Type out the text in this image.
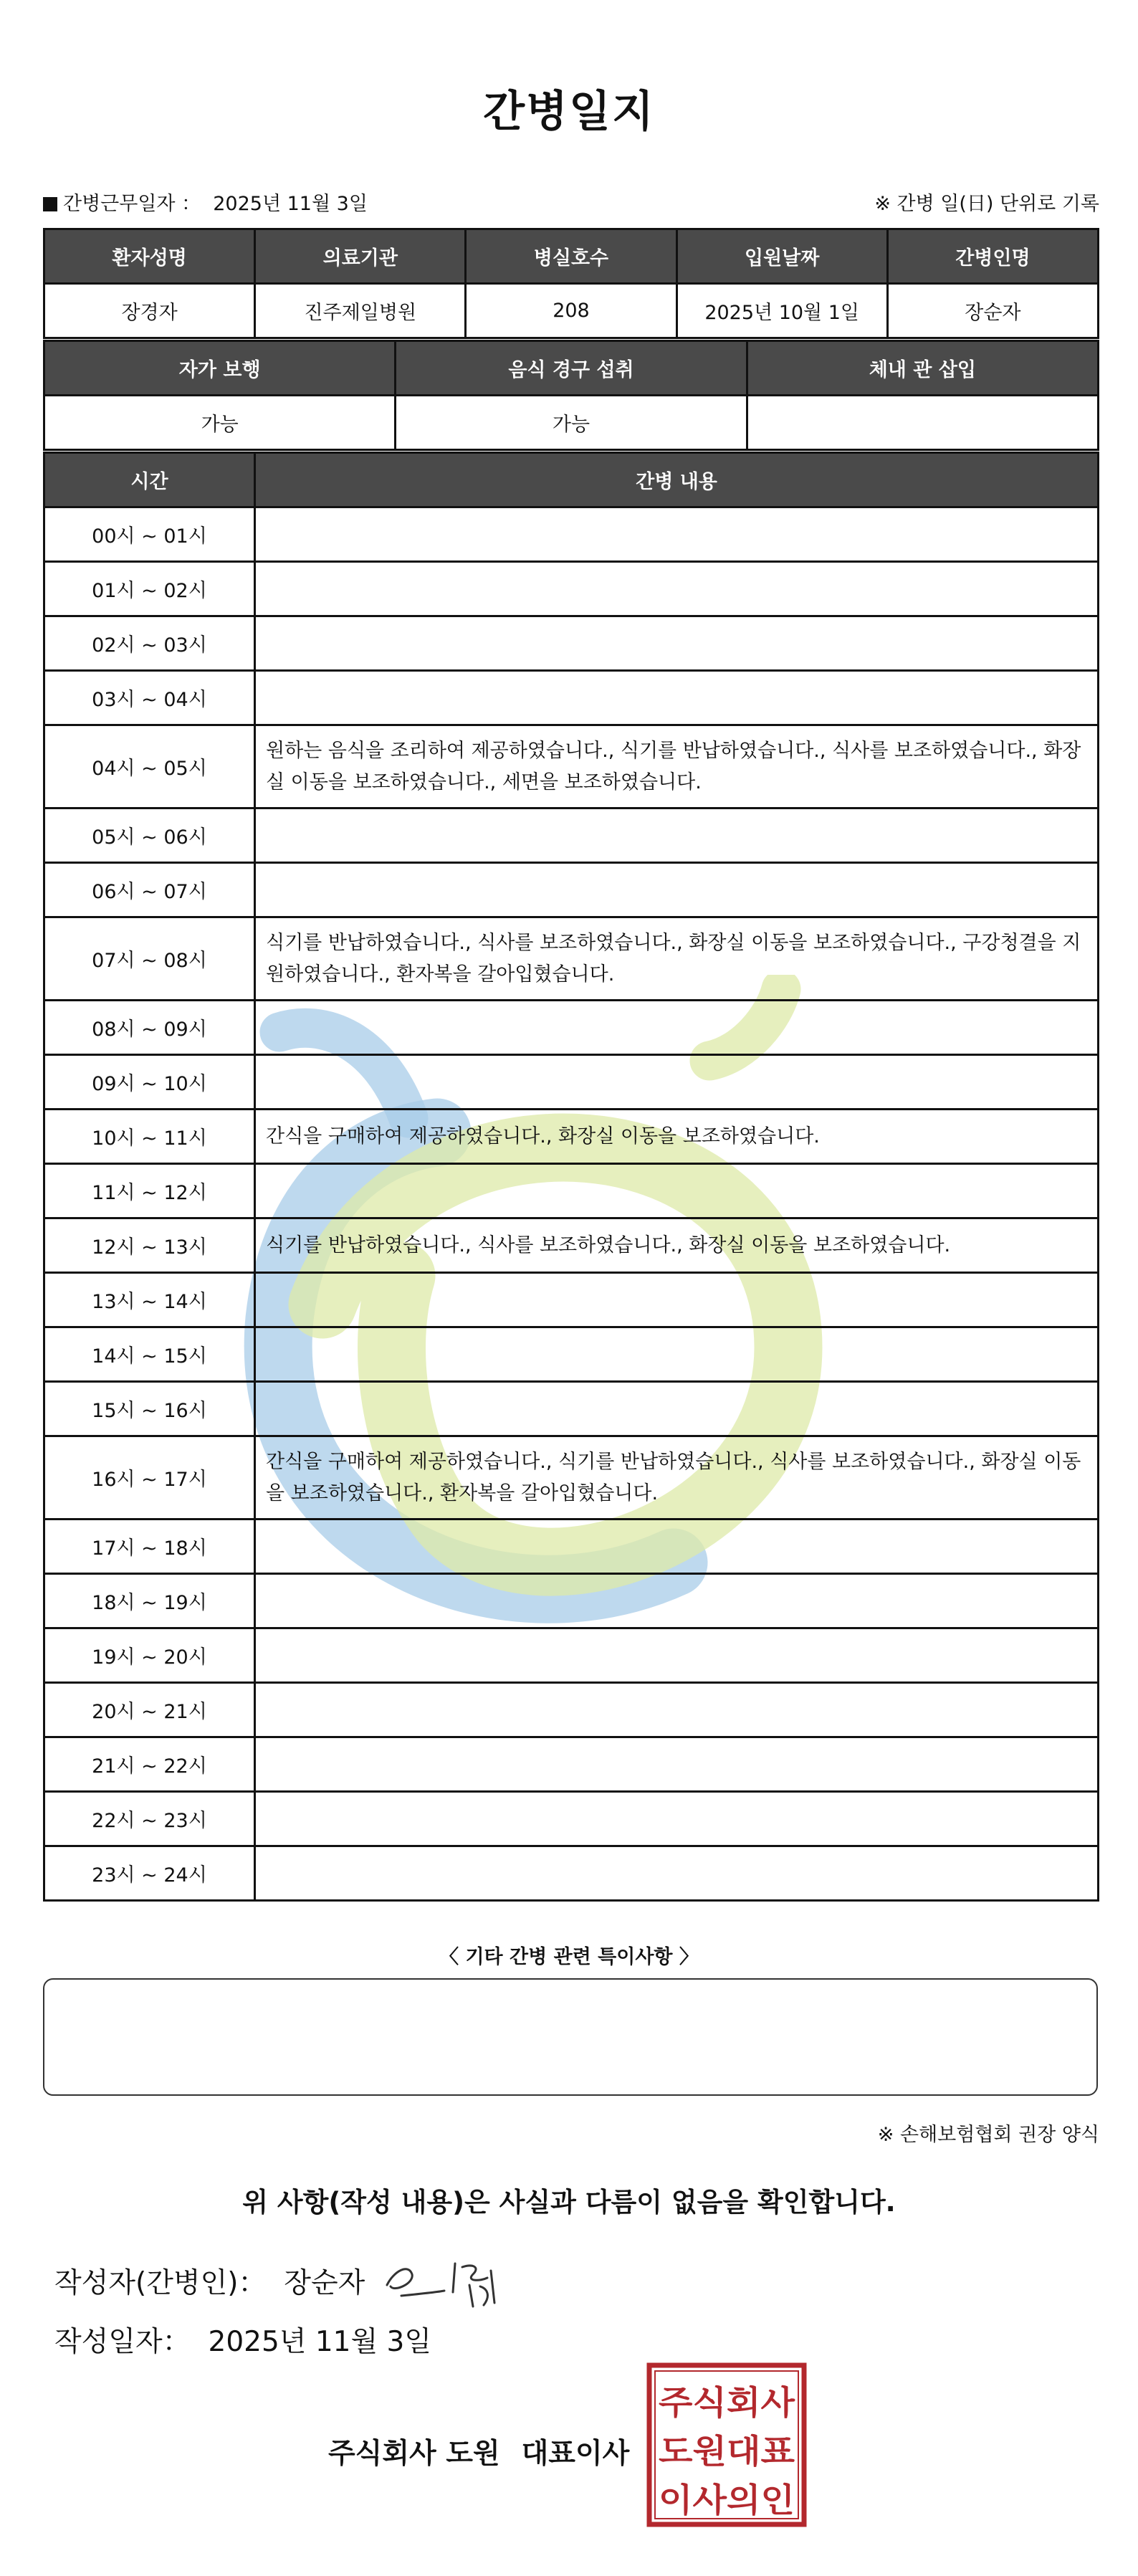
간병일지
간병근무일자 ： 2025년 11월 3일	※ 간병 일(日) 단위로 기록
환자성명	의료기관	병실호수	입원날짜	간병인명
장경자	진주제일병원	208	2025년 10월 1일	장순자
자가 보행	음식 경구 섭취	체내 관 삽입
가능	가능	
시간	간병 내용
00시 ~ 01시	
01시 ~ 02시	
02시 ~ 03시	
03시 ~ 04시	
04시 ~ 05시	원하는 음식을 조리하여 제공하였습니다., 식기를 반납하였습니다., 식사를 보조하였습니다., 화장실 이동을 보조하였습니다., 세면을 보조하였습니다.
05시 ~ 06시	
06시 ~ 07시	
07시 ~ 08시	식기를 반납하였습니다., 식사를 보조하였습니다., 화장실 이동을 보조하였습니다., 구강청결을 지원하였습니다., 환자복을 갈아입혔습니다.
08시 ~ 09시	
09시 ~ 10시	
10시 ~ 11시	간식을 구매하여 제공하였습니다., 화장실 이동을 보조하였습니다.
11시 ~ 12시	
12시 ~ 13시	식기를 반납하였습니다., 식사를 보조하였습니다., 화장실 이동을 보조하였습니다.
13시 ~ 14시	
14시 ~ 15시	
15시 ~ 16시	
16시 ~ 17시	간식을 구매하여 제공하였습니다., 식기를 반납하였습니다., 식사를 보조하였습니다., 화장실 이동을 보조하였습니다., 환자복을 갈아입혔습니다.
17시 ~ 18시	
18시 ~ 19시	
19시 ~ 20시	
20시 ~ 21시	
21시 ~ 22시	
22시 ~ 23시	
23시 ~ 24시	
〈 기타 간병 관련 특이사항 〉
※ 손해보험협회 권장 양식
위 사항(작성 내용)은 사실과 다름이 없음을 확인합니다.
작성자(간병인)： 장순자
작성일자： 2025년 11월 3일
주식회사 도원 대표이사
주식회사
도원대표
이사의인
